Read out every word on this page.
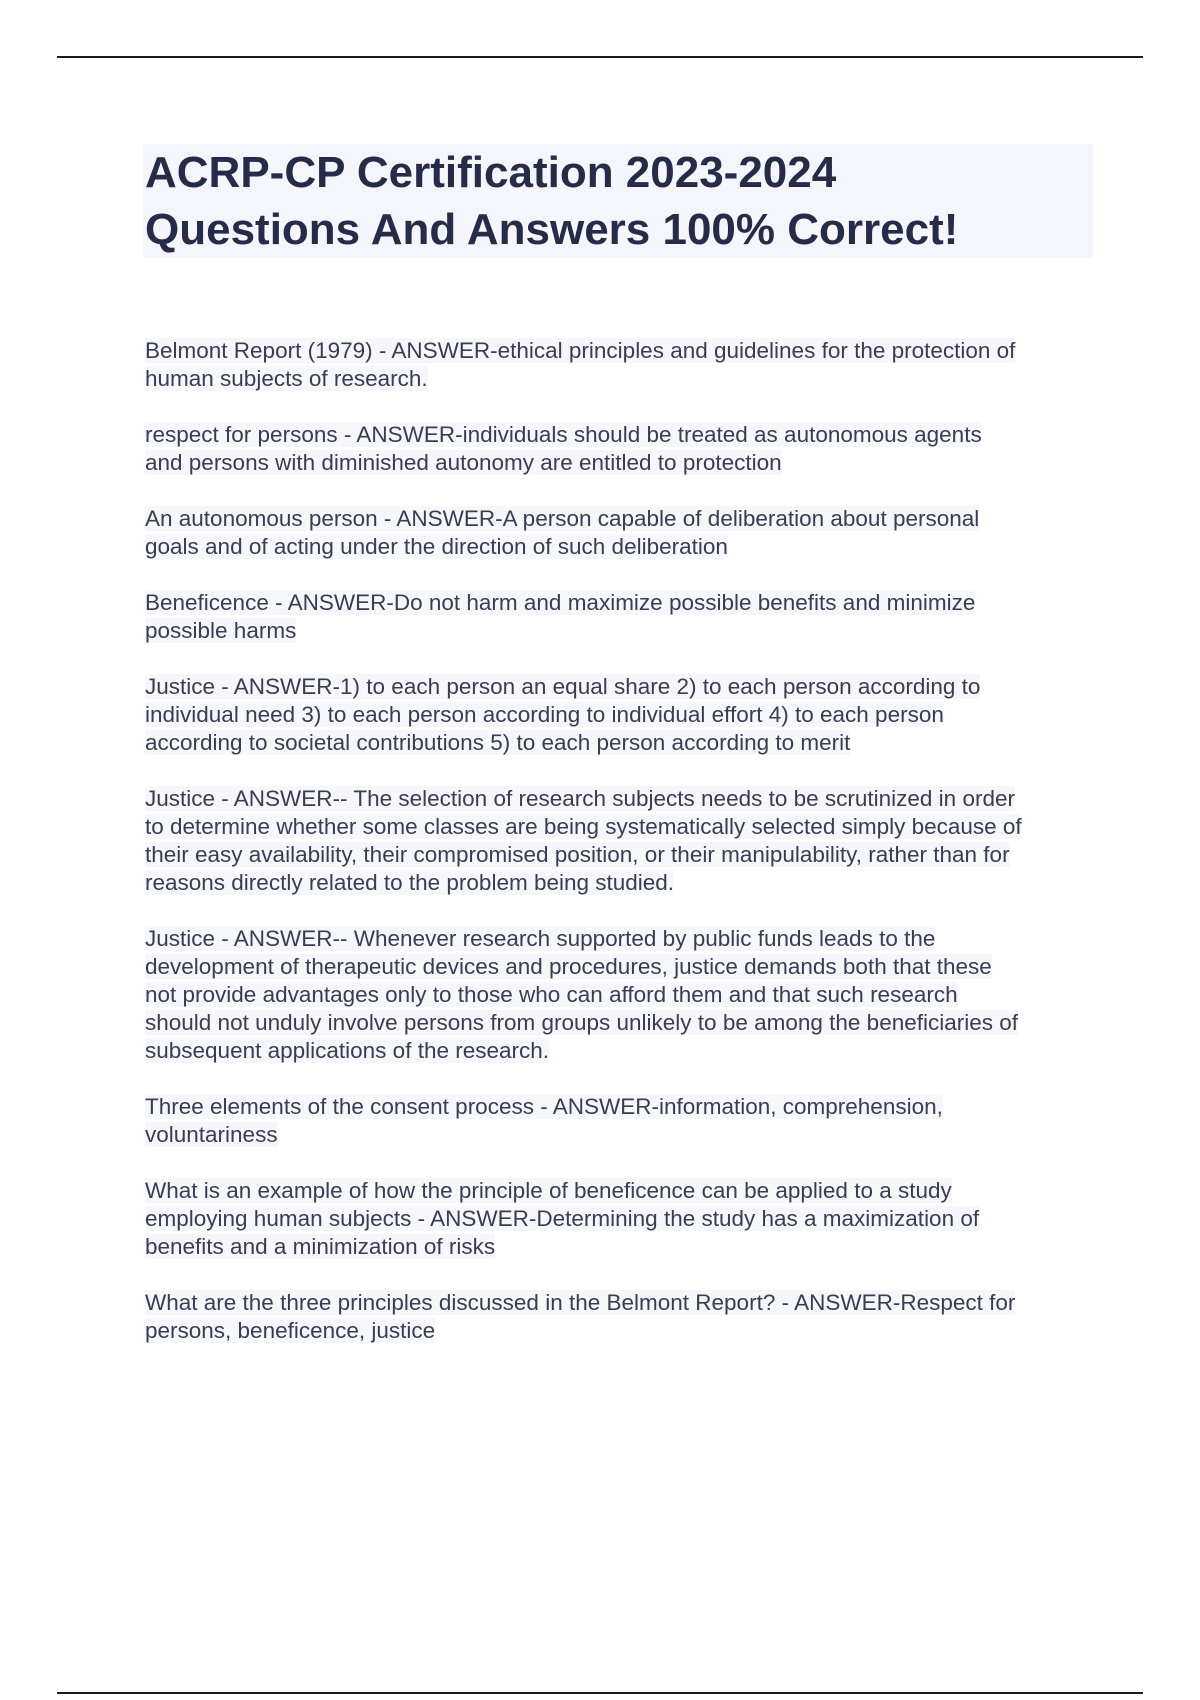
ACRP-CP Certification 2023-2024
Questions And Answers 100% Correct!
Belmont Report (1979) - ANSWER-ethical principles and guidelines for the protection of
human subjects of research.
respect for persons - ANSWER-individuals should be treated as autonomous agents
and persons with diminished autonomy are entitled to protection
An autonomous person - ANSWER-A person capable of deliberation about personal
goals and of acting under the direction of such deliberation
Beneficence - ANSWER-Do not harm and maximize possible benefits and minimize
possible harms
Justice - ANSWER-1) to each person an equal share 2) to each person according to
individual need 3) to each person according to individual effort 4) to each person
according to societal contributions 5) to each person according to merit
Justice - ANSWER-- The selection of research subjects needs to be scrutinized in order
to determine whether some classes are being systematically selected simply because of
their easy availability, their compromised position, or their manipulability, rather than for
reasons directly related to the problem being studied.
Justice - ANSWER-- Whenever research supported by public funds leads to the
development of therapeutic devices and procedures, justice demands both that these
not provide advantages only to those who can afford them and that such research
should not unduly involve persons from groups unlikely to be among the beneficiaries of
subsequent applications of the research.
Three elements of the consent process - ANSWER-information, comprehension,
voluntariness
What is an example of how the principle of beneficence can be applied to a study
employing human subjects - ANSWER-Determining the study has a maximization of
benefits and a minimization of risks
What are the three principles discussed in the Belmont Report? - ANSWER-Respect for
persons, beneficence, justice
